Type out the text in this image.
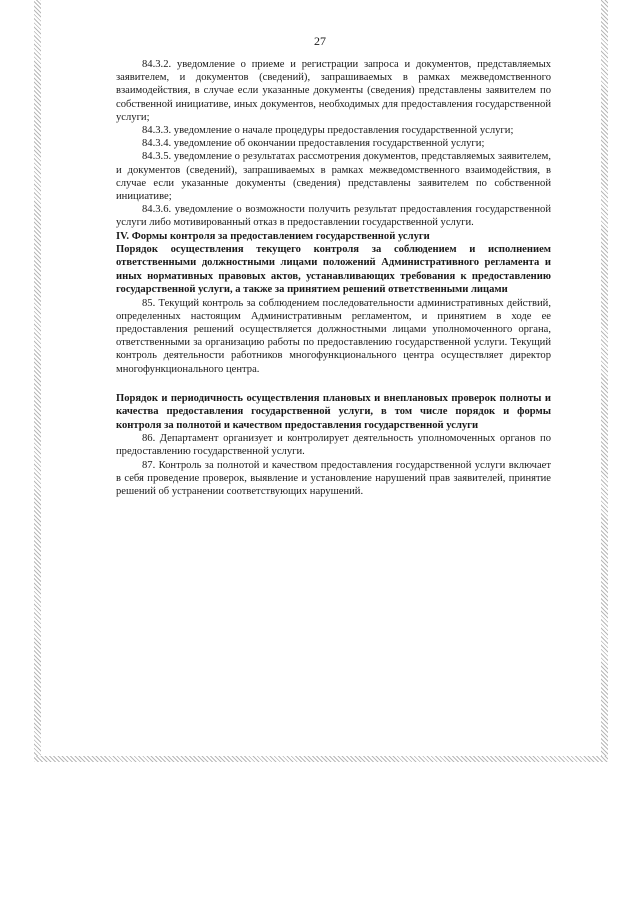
27

84.3.2. уведомление о приеме и регистрации запроса и документов, представляемых заявителем, и документов (сведений), запрашиваемых в рамках межведомственного взаимодействия, в случае если указанные документы (сведения) представлены заявителем по собственной инициативе, иных документов, необходимых для предоставления государственной услуги;

84.3.3. уведомление о начале процедуры предоставления государственной услуги;

84.3.4. уведомление об окончании предоставления государственной услуги;

84.3.5. уведомление о результатах рассмотрения документов, представляемых заявителем, и документов (сведений), запрашиваемых в рамках межведомственного взаимодействия, в случае если указанные документы (сведения) представлены заявителем по собственной инициативе;

84.3.6. уведомление о возможности получить результат предоставления государственной услуги либо мотивированный отказ в предоставлении государственной услуги.

IV. Формы контроля за предоставлением государственной услуги

Порядок осуществления текущего контроля за соблюдением и исполнением ответственными должностными лицами положений Административного регламента и иных нормативных правовых актов, устанавливающих требования к предоставлению государственной услуги, а также за принятием решений ответственными лицами

85. Текущий контроль за соблюдением последовательности административных действий, определенных настоящим Административным регламентом, и принятием в ходе ее предоставления решений осуществляется должностными лицами уполномоченного органа, ответственными за организацию работы по предоставлению государственной услуги. Текущий контроль деятельности работников многофункционального центра осуществляет директор многофункционального центра.

Порядок и периодичность осуществления плановых и внеплановых проверок полноты и качества предоставления государственной услуги, в том числе порядок и формы контроля за полнотой и качеством предоставления государственной услуги

86. Департамент организует и контролирует деятельность уполномоченных органов по предоставлению государственной услуги.

87. Контроль за полнотой и качеством предоставления государственной услуги включает в себя проведение проверок, выявление и установление нарушений прав заявителей, принятие решений об устранении соответствующих нарушений.
